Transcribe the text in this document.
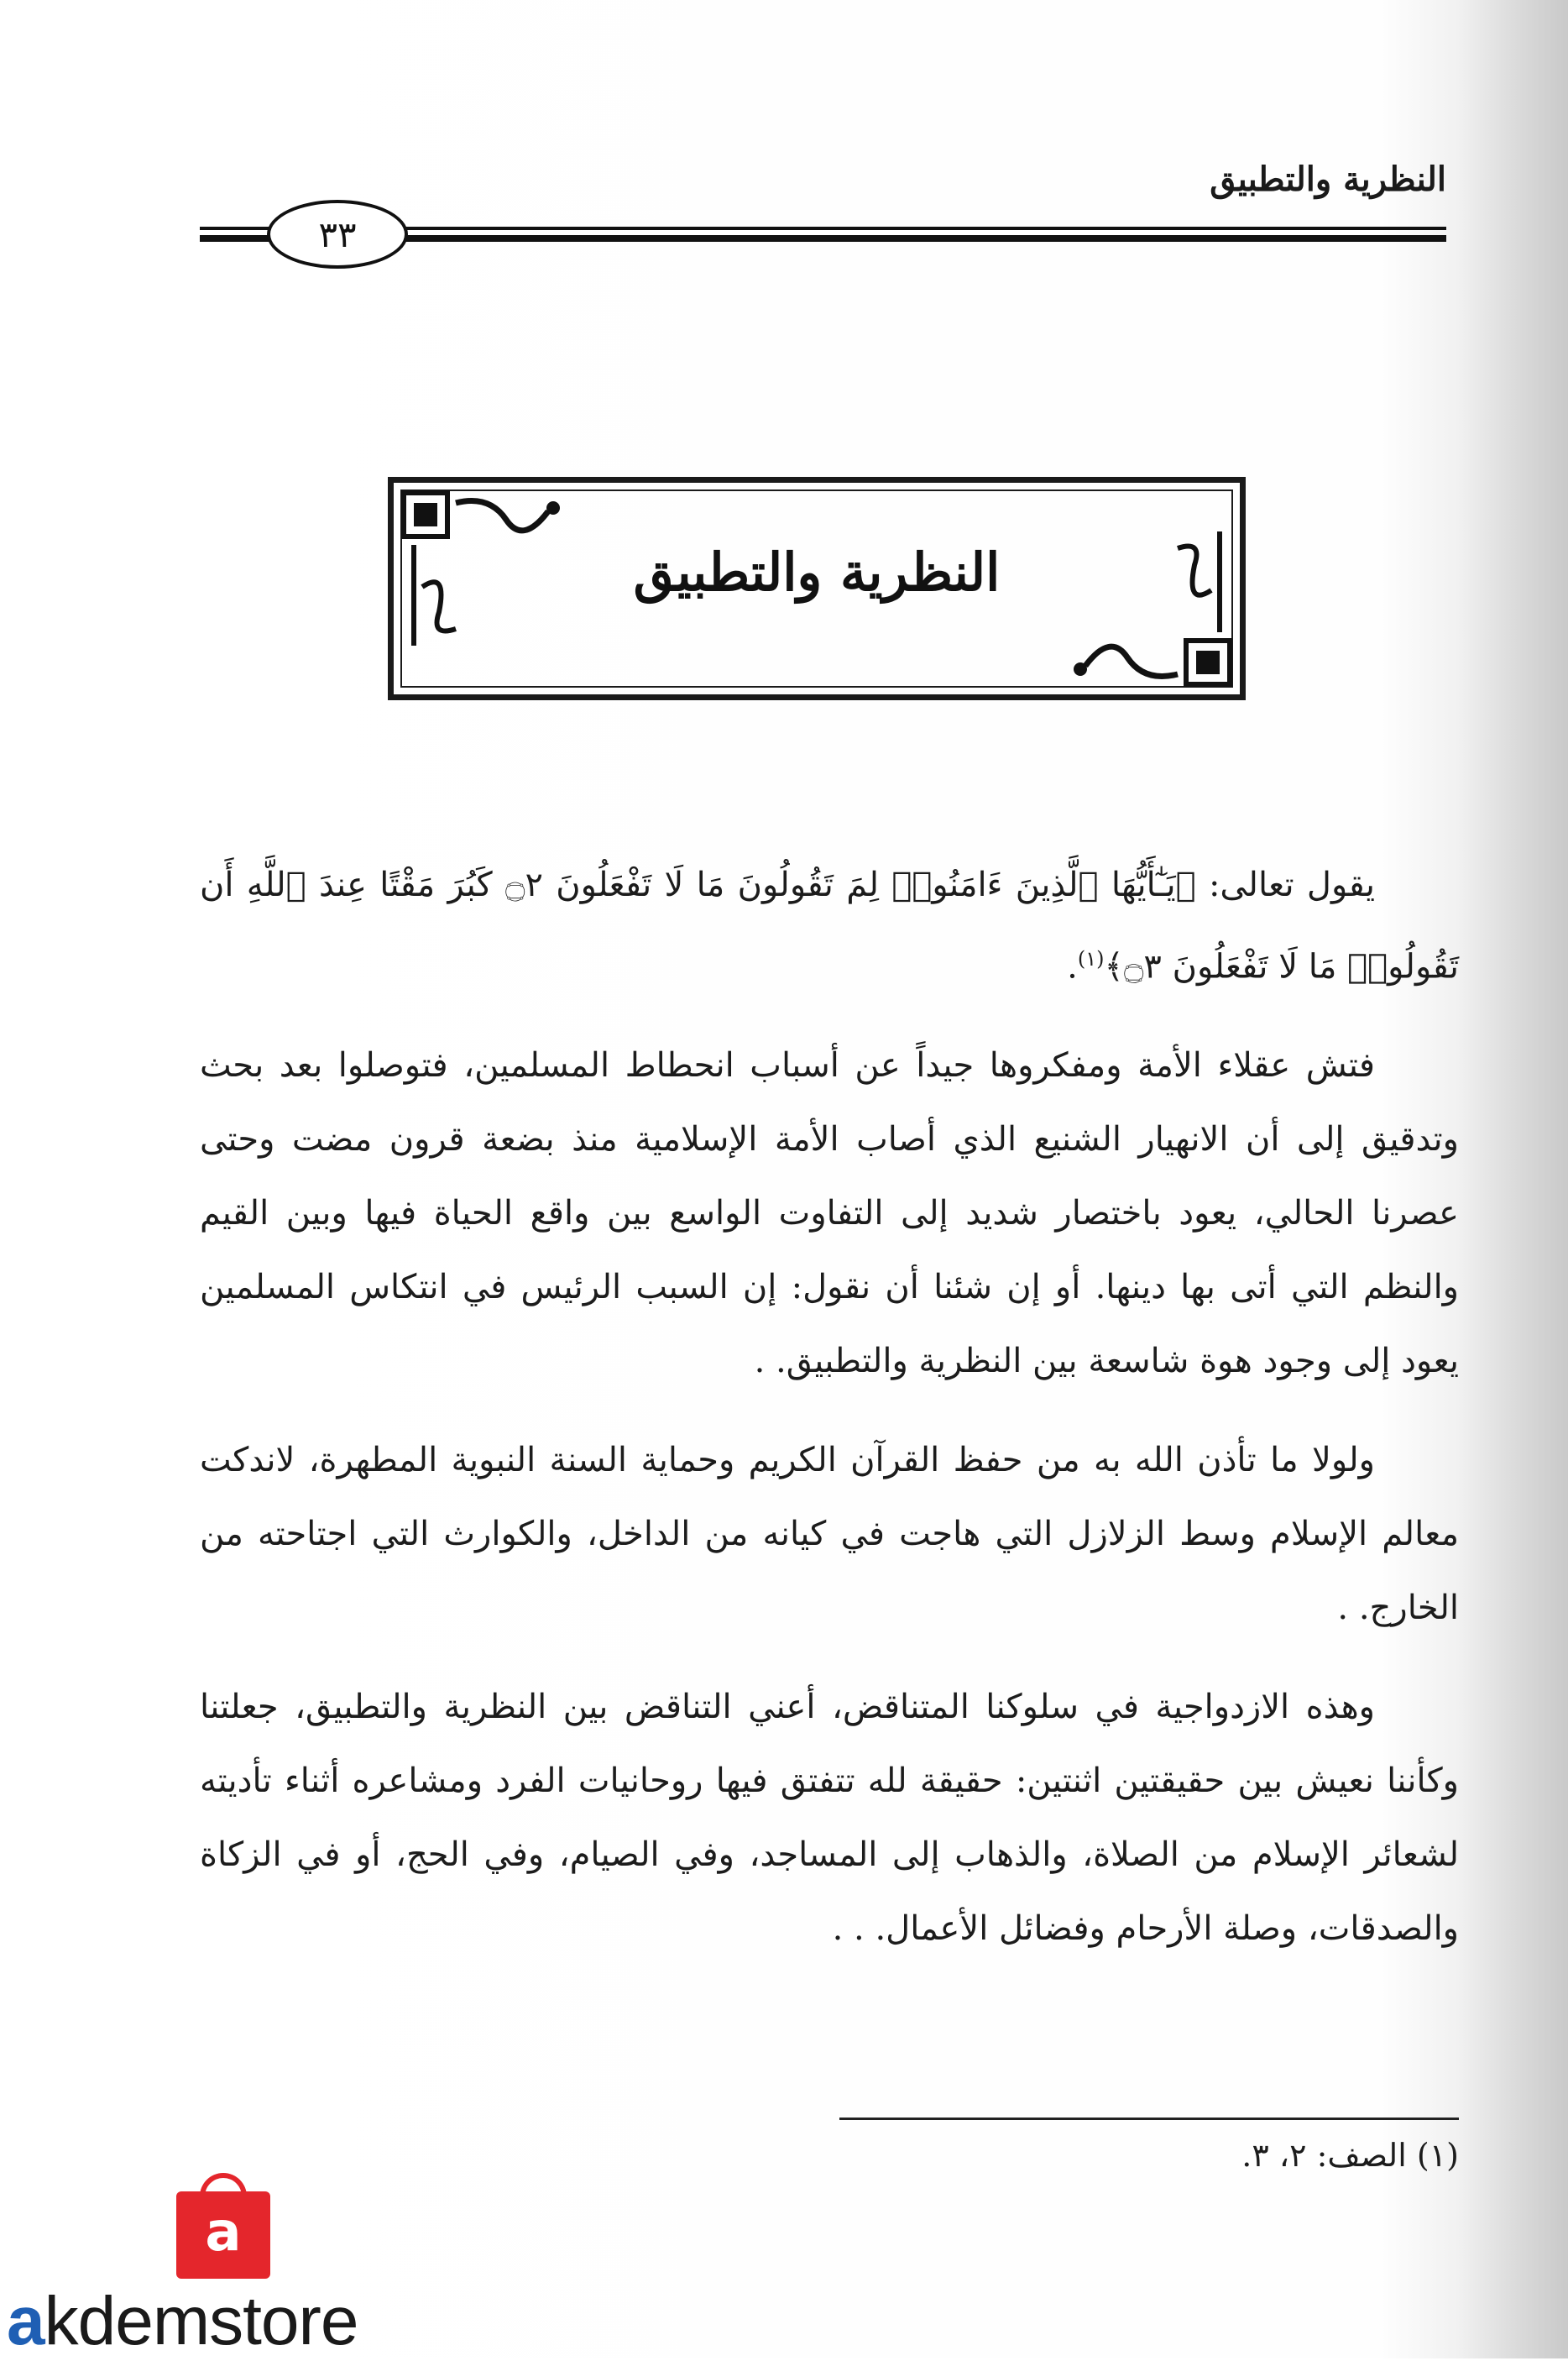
النظرية والتطبيق
٣٣
النظرية والتطبيق

يقول تعالى: ﴿يَـٰٓأَيُّهَا ٱلَّذِينَ ءَامَنُوا۟ لِمَ تَقُولُونَ مَا لَا تَفْعَلُونَ ۝٢ كَبُرَ مَقْتًا عِندَ ٱللَّهِ أَن تَقُولُوا۟ مَا لَا تَفْعَلُونَ ۝٣﴾$^{(١)}$.

فتش عقلاء الأمة ومفكروها جيداً عن أسباب انحطاط المسلمين، فتوصلوا بعد بحث وتدقيق إلى أن الانهيار الشنيع الذي أصاب الأمة الإسلامية منذ بضعة قرون مضت وحتى عصرنا الحالي، يعود باختصار شديد إلى التفاوت الواسع بين واقع الحياة فيها وبين القيم والنظم التي أتى بها دينها. أو إن شئنا أن نقول: إن السبب الرئيس في انتكاس المسلمين يعود إلى وجود هوة شاسعة بين النظرية والتطبيق. .

ولولا ما تأذن الله به من حفظ القرآن الكريم وحماية السنة النبوية المطهرة، لاندكت معالم الإسلام وسط الزلازل التي هاجت في كيانه من الداخل، والكوارث التي اجتاحته من الخارج. .

وهذه الازدواجية في سلوكنا المتناقض، أعني التناقض بين النظرية والتطبيق، جعلتنا وكأننا نعيش بين حقيقتين اثنتين: حقيقة لله تتفتق فيها روحانيات الفرد ومشاعره أثناء تأديته لشعائر الإسلام من الصلاة، والذهاب إلى المساجد، وفي الصيام، وفي الحج، أو في الزكاة والصدقات، وصلة الأرحام وفضائل الأعمال. . .

(١) الصف: ٢، ٣.
a
akdemstore
